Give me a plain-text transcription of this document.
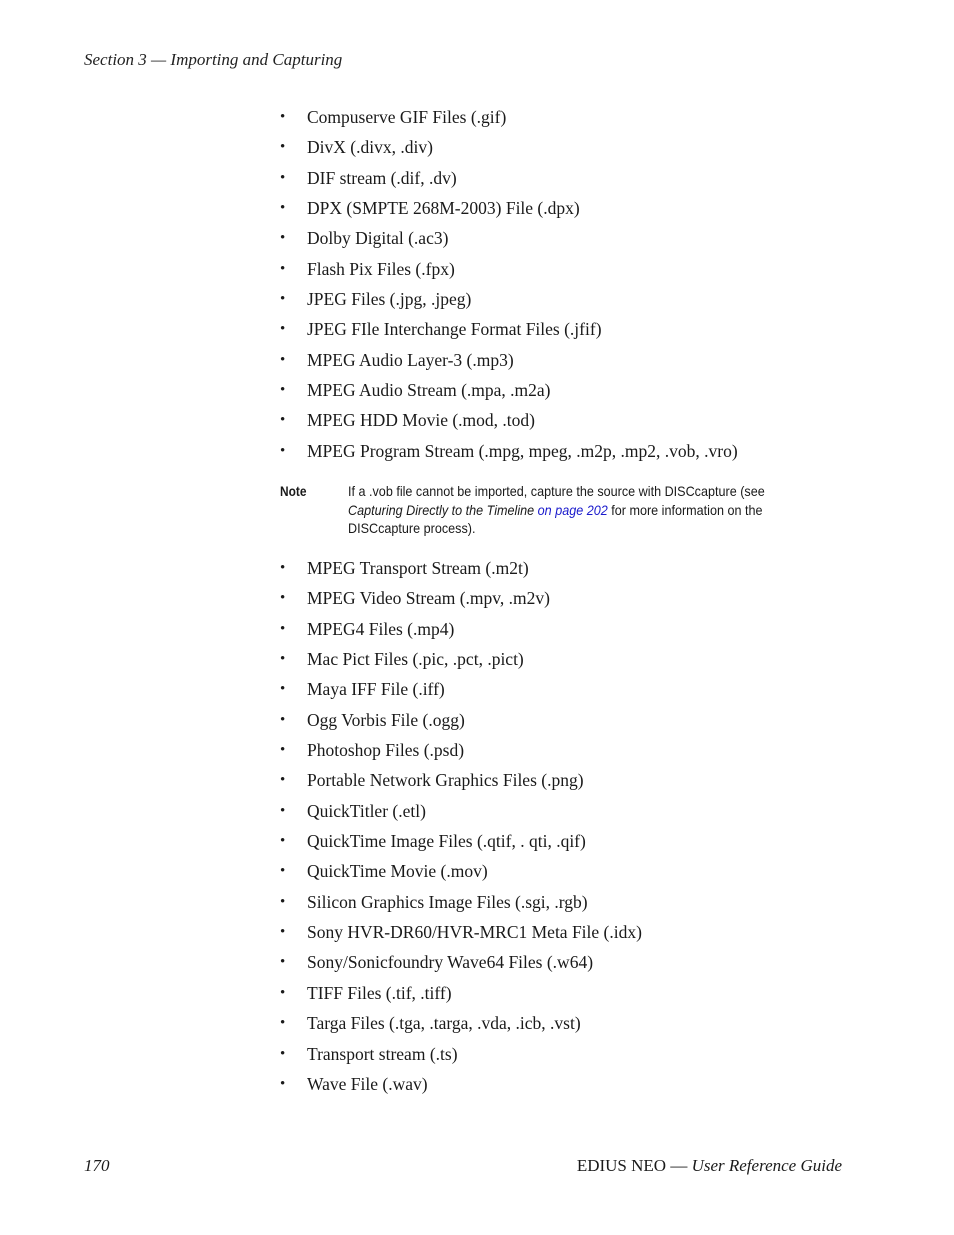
Section 3 — Importing and Capturing
• Compuserve GIF Files (.gif)
• DivX (.divx, .div)
• DIF stream (.dif, .dv)
• DPX (SMPTE 268M-2003) File (.dpx)
• Dolby Digital (.ac3)
• Flash Pix Files (.fpx)
• JPEG Files (.jpg, .jpeg)
• JPEG FIle Interchange Format Files (.jfif)
• MPEG Audio Layer-3 (.mp3)
• MPEG Audio Stream (.mpa, .m2a)
• MPEG HDD Movie (.mod, .tod)
• MPEG Program Stream (.mpg, mpeg, .m2p, .mp2, .vob, .vro)
Note	If a .vob file cannot be imported, capture the source with DISCcapture (see
Capturing Directly to the Timeline on page 202 for more information on the
DISCcapture process).
• MPEG Transport Stream (.m2t)
• MPEG Video Stream (.mpv, .m2v)
• MPEG4 Files (.mp4)
• Mac Pict Files (.pic, .pct, .pict)
• Maya IFF File (.iff)
• Ogg Vorbis File (.ogg)
• Photoshop Files (.psd)
• Portable Network Graphics Files (.png)
• QuickTitler (.etl)
• QuickTime Image Files (.qtif, . qti, .qif)
• QuickTime Movie (.mov)
• Silicon Graphics Image Files (.sgi, .rgb)
• Sony HVR-DR60/HVR-MRC1 Meta File (.idx)
• Sony/Sonicfoundry Wave64 Files (.w64)
• TIFF Files (.tif, .tiff)
• Targa Files (.tga, .targa, .vda, .icb, .vst)
• Transport stream (.ts)
• Wave File (.wav)
170	EDIUS NEO — User Reference Guide
